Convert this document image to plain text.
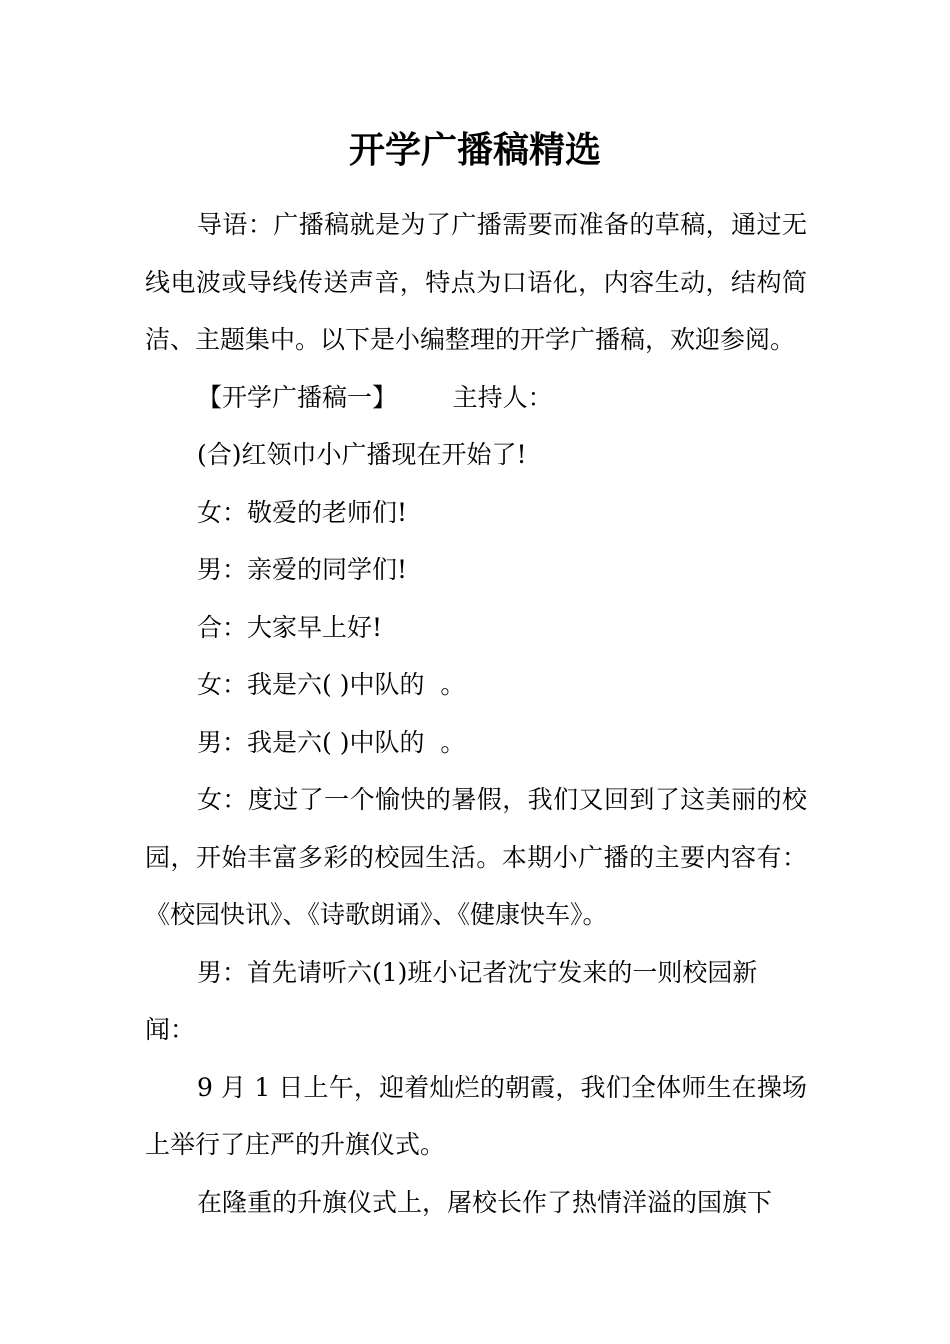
开学广播稿精选

导语：广播稿就是为了广播需要而准备的草稿，通过无线电波或导线传送声音，特点为口语化，内容生动，结构简洁、主题集中。以下是小编整理的开学广播稿，欢迎参阅。

【开学广播稿一】       主持人：

(合)红领巾小广播现在开始了!

女：敬爱的老师们!

男：亲爱的同学们!

合：大家早上好!

女：我是六( )中队的  。

男：我是六( )中队的  。

女：度过了一个愉快的暑假，我们又回到了这美丽的校园，开始丰富多彩的校园生活。本期小广播的主要内容有：《校园快讯》、《诗歌朗诵》、《健康快车》。

男：首先请听六(1)班小记者沈宁发来的一则校园新闻：

9 月 1 日上午，迎着灿烂的朝霞，我们全体师生在操场上举行了庄严的升旗仪式。

在隆重的升旗仪式上，屠校长作了热情洋溢的国旗下
